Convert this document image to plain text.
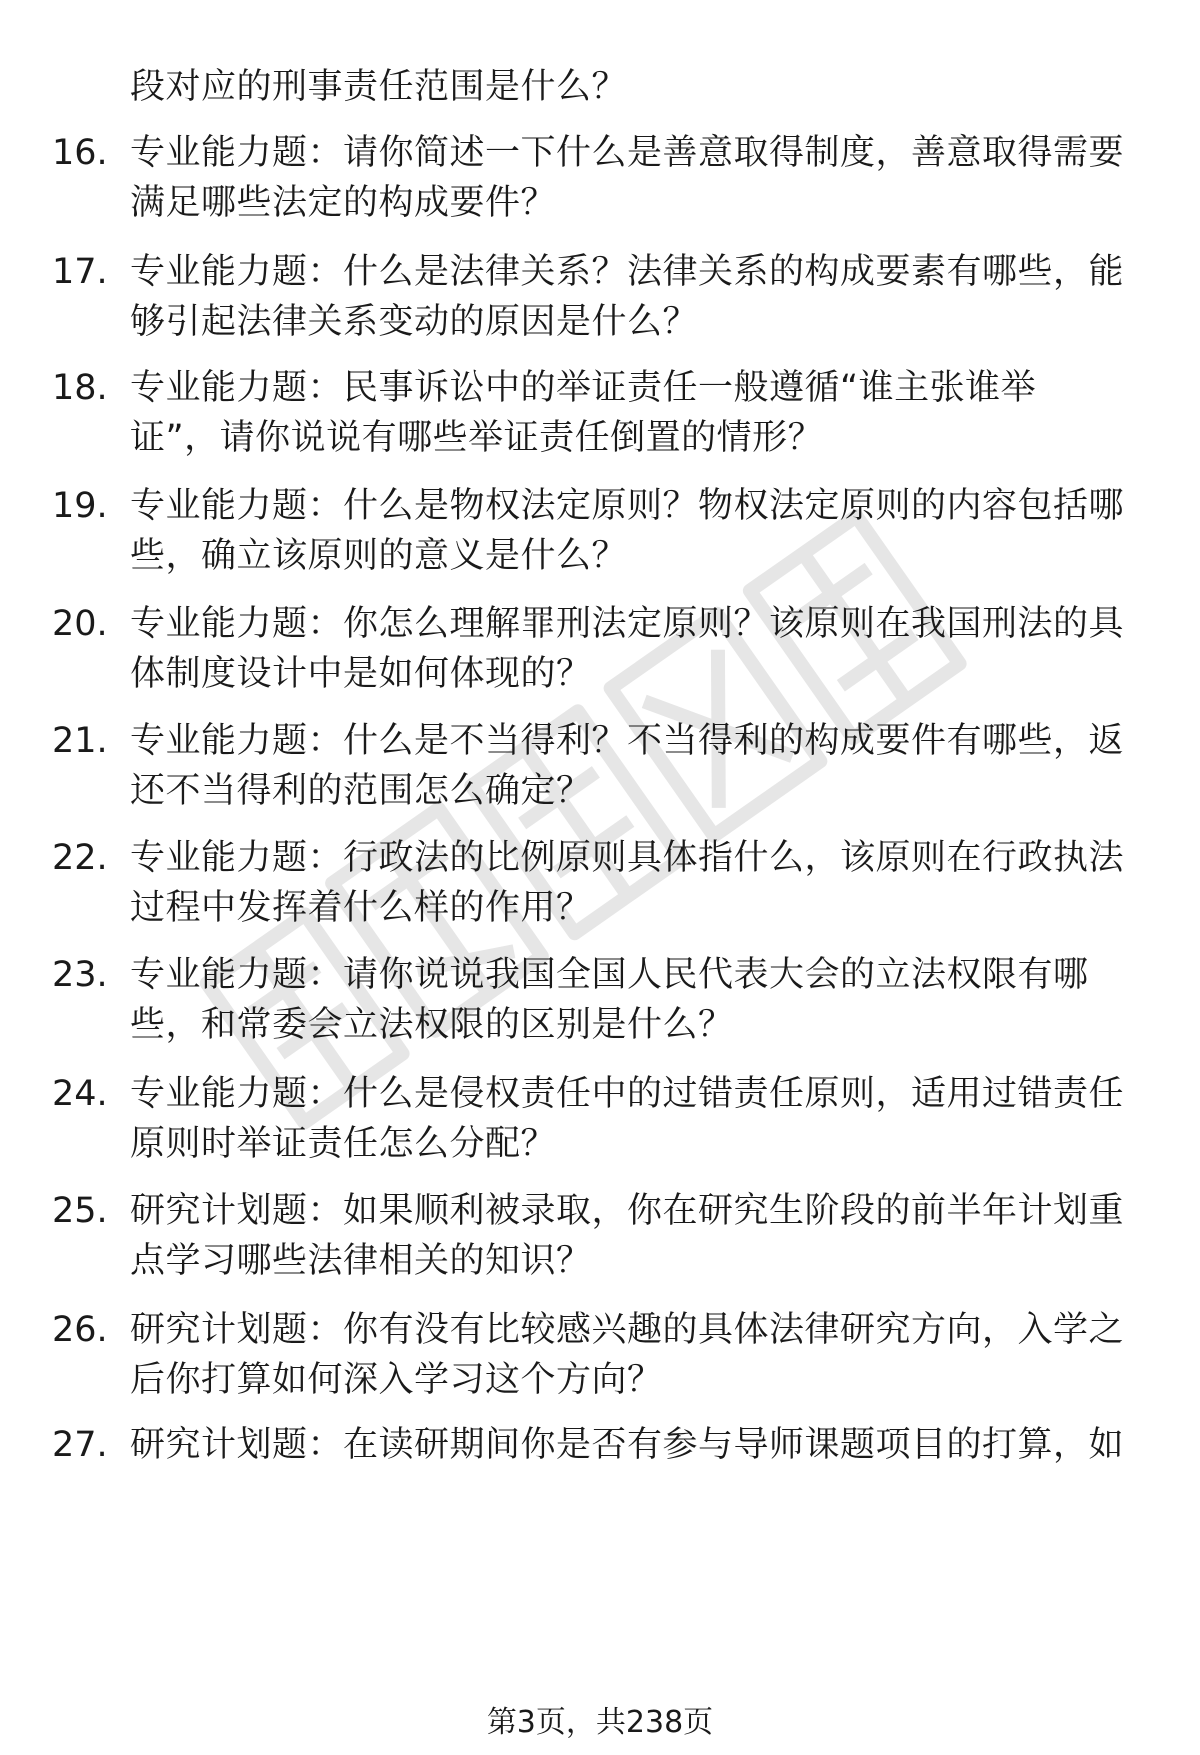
段对应的刑事责任范围是什么？
16. 专业能力题：请你简述一下什么是善意取得制度，善意取得需要
满足哪些法定的构成要件？
17. 专业能力题：什么是法律关系？法律关系的构成要素有哪些，能
够引起法律关系变动的原因是什么？
18. 专业能力题：民事诉讼中的举证责任一般遵循“谁主张谁举
证”，请你说说有哪些举证责任倒置的情形？
19. 专业能力题：什么是物权法定原则？物权法定原则的内容包括哪
些，确立该原则的意义是什么？
20. 专业能力题：你怎么理解罪刑法定原则？该原则在我国刑法的具
体制度设计中是如何体现的？
21. 专业能力题：什么是不当得利？不当得利的构成要件有哪些，返
还不当得利的范围怎么确定？
22. 专业能力题：行政法的比例原则具体指什么，该原则在行政执法
过程中发挥着什么样的作用？
23. 专业能力题：请你说说我国全国人民代表大会的立法权限有哪
些，和常委会立法权限的区别是什么？
24. 专业能力题：什么是侵权责任中的过错责任原则，适用过错责任
原则时举证责任怎么分配？
25. 研究计划题：如果顺利被录取，你在研究生阶段的前半年计划重
点学习哪些法律相关的知识？
26. 研究计划题：你有没有比较感兴趣的具体法律研究方向，入学之
后你打算如何深入学习这个方向？
27. 研究计划题：在读研期间你是否有参与导师课题项目的打算，如
第3页，共238页
